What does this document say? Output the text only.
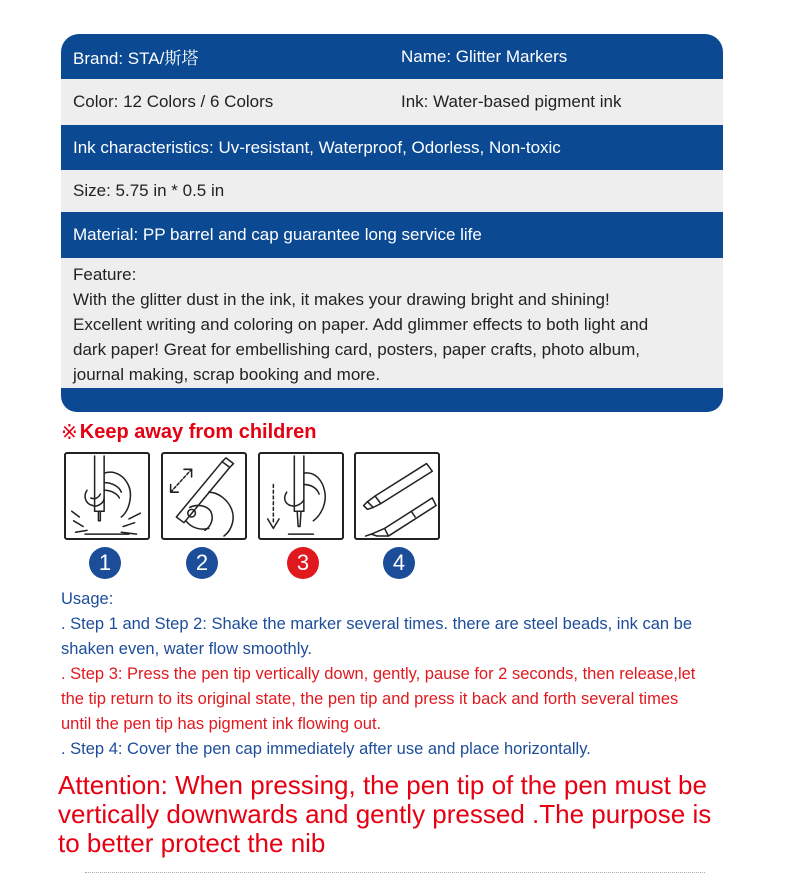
Brand: STA/斯塔	Name: Glitter Markers
Color: 12 Colors / 6 Colors	Ink: Water-based pigment ink
Ink characteristics: Uv-resistant, Waterproof, Odorless, Non-toxic
Size: 5.75 in * 0.5 in
Material: PP barrel and cap guarantee long service life
Feature:
With the glitter dust in the ink, it makes your drawing bright and shining!
Excellent writing and coloring on paper. Add glimmer effects to both light and
dark paper! Great for embellishing card, posters, paper crafts, photo album,
journal making, scrap booking and more.
※ Keep away from children
1	2	3	4
Usage:
. Step 1 and Step 2: Shake the marker several times. there are steel beads, ink can be
shaken even, water flow smoothly.
. Step 3: Press the pen tip vertically down, gently, pause for 2 seconds, then release,let
the tip return to its original state, the pen tip and press it back and forth several times
until the pen tip has pigment ink flowing out.
. Step 4: Cover the pen cap immediately after use and place horizontally.
Attention: When pressing, the pen tip of the pen must be
vertically downwards and gently pressed .The purpose is
to better protect the nib
